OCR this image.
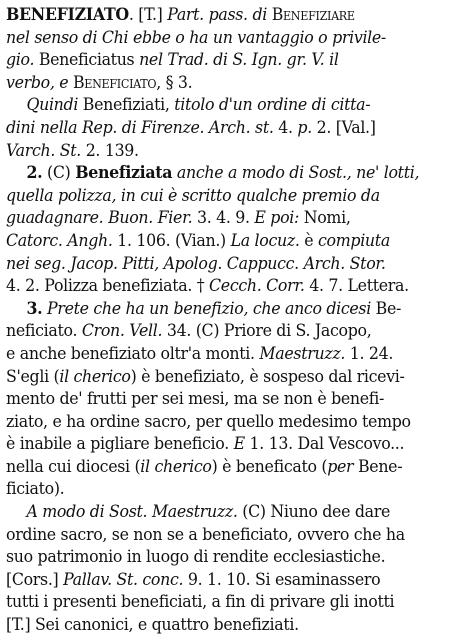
BENEFIZIATO. [T.] Part. pass. di Benefiziare
nel senso di Chi ebbe o ha un vantaggio o privile-
gio. Beneficiatus nel Trad. di S. Ign. gr. V. il
verbo, e Beneficiato, § 3.
Quindi Benefiziati, titolo d'un ordine di citta-
dini nella Rep. di Firenze. Arch. st. 4. p. 2. [Val.]
Varch. St. 2. 139.
2. (C) Benefiziata anche a modo di Sost., ne' lotti,
quella polizza, in cui è scritto qualche premio da
guadagnare. Buon. Fier. 3. 4. 9. E poi: Nomi,
Catorc. Angh. 1. 106. (Vian.) La locuz. è compiuta
nei seg. Jacop. Pitti, Apolog. Cappucc. Arch. Stor.
4. 2. Polizza benefiziata. † Cecch. Corr. 4. 7. Lettera.
3. Prete che ha un benefizio, che anco dicesi Be-
neficiato. Cron. Vell. 34. (C) Priore di S. Jacopo,
e anche benefiziato oltr'a monti. Maestruzz. 1. 24.
S'egli (il cherico) è benefiziato, è sospeso dal ricevi-
mento de' frutti per sei mesi, ma se non è benefi-
ziato, e ha ordine sacro, per quello medesimo tempo
è inabile a pigliare beneficio. E 1. 13. Dal Vescovo...
nella cui diocesi (il cherico) è beneficato (per Bene-
ficiato).
A modo di Sost. Maestruzz. (C) Niuno dee dare
ordine sacro, se non se a beneficiato, ovvero che ha
suo patrimonio in luogo di rendite ecclesiastiche.
[Cors.] Pallav. St. conc. 9. 1. 10. Si esaminassero
tutti i presenti beneficiati, a fin di privare gli inotti
[T.] Sei canonici, e quattro benefiziati.
